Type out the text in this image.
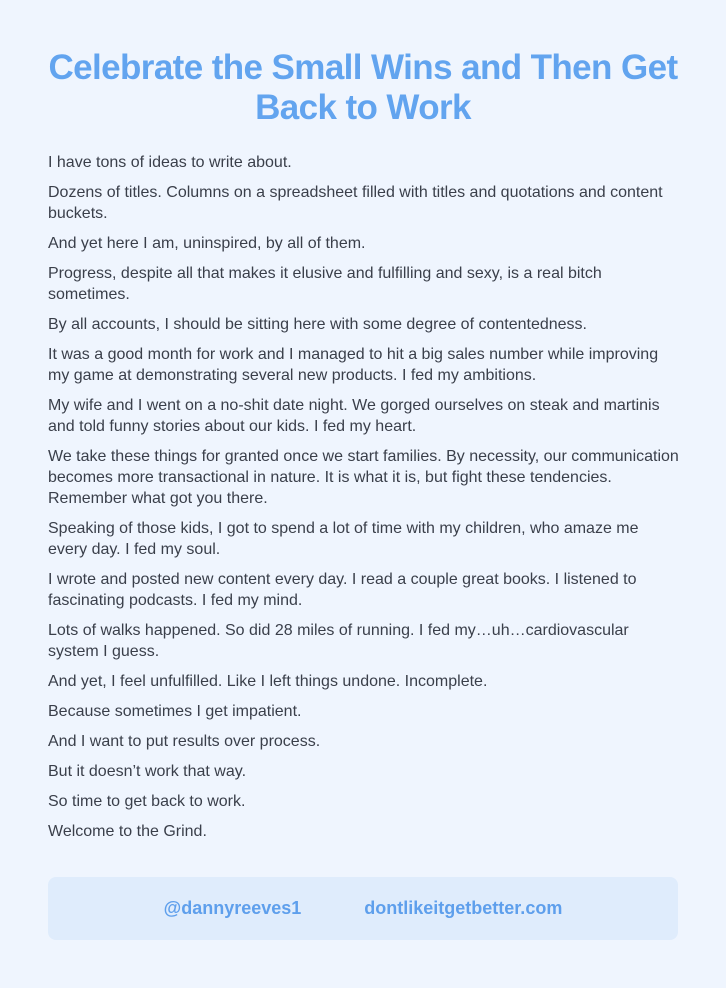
Celebrate the Small Wins and Then Get Back to Work

I have tons of ideas to write about.

Dozens of titles. Columns on a spreadsheet filled with titles and quotations and content buckets.

And yet here I am, uninspired, by all of them.

Progress, despite all that makes it elusive and fulfilling and sexy, is a real bitch sometimes.

By all accounts, I should be sitting here with some degree of contentedness.

It was a good month for work and I managed to hit a big sales number while improving my game at demonstrating several new products. I fed my ambitions.

My wife and I went on a no-shit date night. We gorged ourselves on steak and martinis and told funny stories about our kids. I fed my heart.

We take these things for granted once we start families. By necessity, our communication becomes more transactional in nature. It is what it is, but fight these tendencies. Remember what got you there.

Speaking of those kids, I got to spend a lot of time with my children, who amaze me every day. I fed my soul.

I wrote and posted new content every day. I read a couple great books. I listened to fascinating podcasts. I fed my mind.

Lots of walks happened. So did 28 miles of running. I fed my…uh…cardiovascular system I guess.

And yet, I feel unfulfilled. Like I left things undone. Incomplete.

Because sometimes I get impatient.

And I want to put results over process.

But it doesn’t work that way.

So time to get back to work.

Welcome to the Grind.

@dannyreeves1	dontlikeitgetbetter.com
